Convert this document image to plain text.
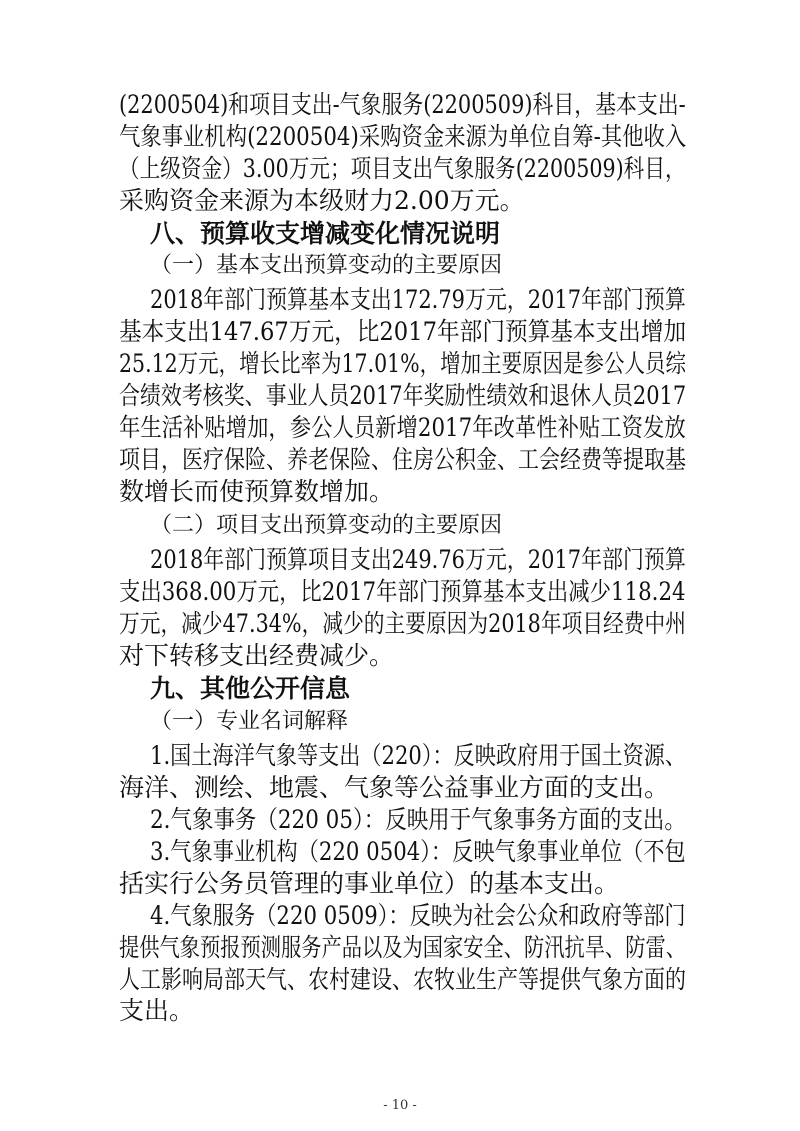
(2200504)和项目支出-气象服务(2200509)科目，基本支出-
气象事业机构(2200504)采购资金来源为单位自筹-其他收入
（上级资金）3.00万元；项目支出气象服务(2200509)科目，
采购资金来源为本级财力2.00万元。
八、预算收支增减变化情况说明
（一）基本支出预算变动的主要原因
2018年部门预算基本支出172.79万元，2017年部门预算
基本支出147.67万元，比2017年部门预算基本支出增加
25.12万元，增长比率为17.01%，增加主要原因是参公人员综
合绩效考核奖、事业人员2017年奖励性绩效和退休人员2017
年生活补贴增加，参公人员新增2017年改革性补贴工资发放
项目，医疗保险、养老保险、住房公积金、工会经费等提取基
数增长而使预算数增加。
（二）项目支出预算变动的主要原因
2018年部门预算项目支出249.76万元，2017年部门预算
支出368.00万元，比2017年部门预算基本支出减少118.24
万元，减少47.34%，减少的主要原因为2018年项目经费中州
对下转移支出经费减少。
九、其他公开信息
（一）专业名词解释
1.国土海洋气象等支出（220）：反映政府用于国土资源、
海洋、测绘、地震、气象等公益事业方面的支出。
2.气象事务（220 05）：反映用于气象事务方面的支出。
3.气象事业机构（220 0504）：反映气象事业单位（不包
括实行公务员管理的事业单位）的基本支出。
4.气象服务（220 0509）：反映为社会公众和政府等部门
提供气象预报预测服务产品以及为国家安全、防汛抗旱、防雷、
人工影响局部天气、农村建设、农牧业生产等提供气象方面的
支出。
- 10 -
